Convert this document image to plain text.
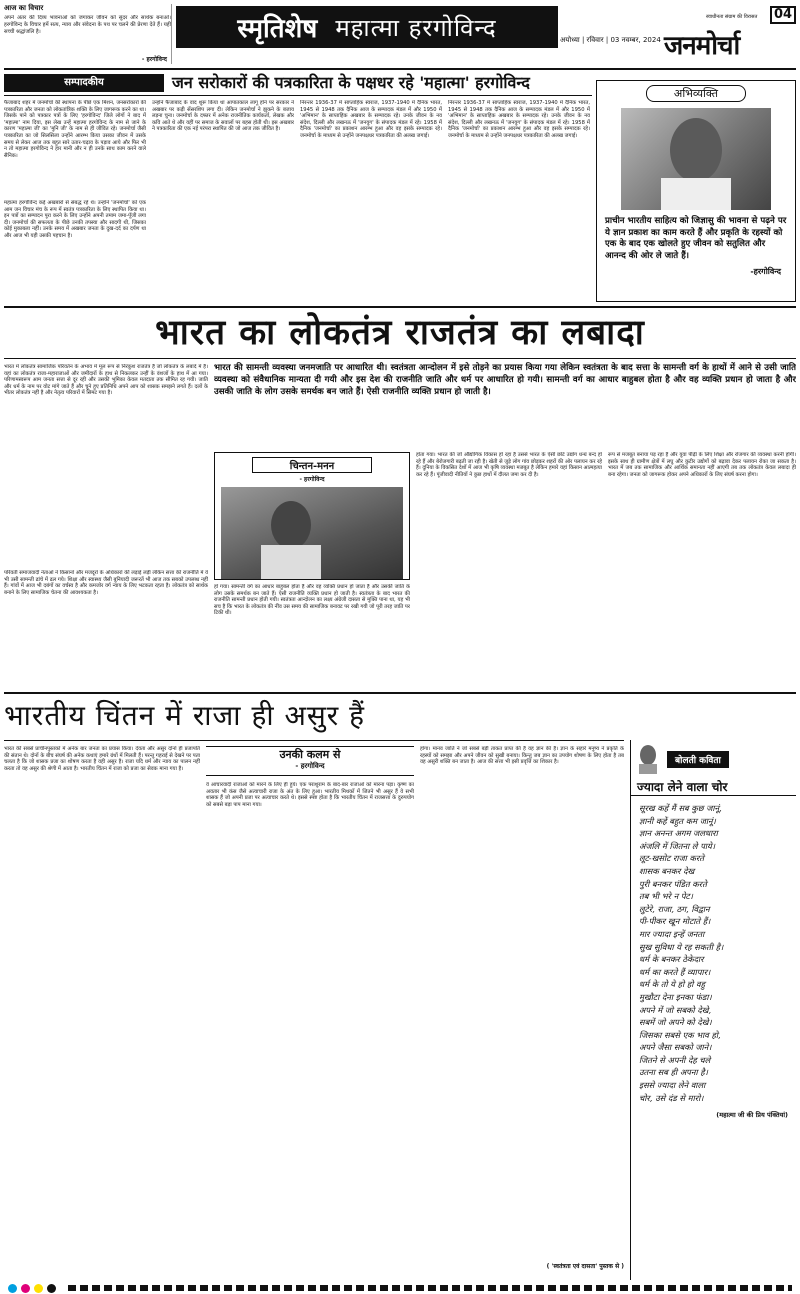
आज का विचार
अपने अंतर की दिव्य भावनाओं को जगाकर जीवन को सुंदर और सार्थक बनाओ। हरगोविन्द के विचार हमें सत्य, न्याय और संवेदना के पथ पर चलने की प्रेरणा देते हैं। यही सच्ची श्रद्धांजलि है।
- हरगोविन्द
स्मृतिशेष महात्मा हरगोविन्द	अयोध्या | रविवार | 03 नवम्बर, 2024 जनमोर्चा
स्वाधीनता संग्राम की विरासत	04
सम्पादकीय	जन सरोकारों की पत्रकारिता के पक्षधर रहे 'महात्मा' हरगोविन्द
फैजाबाद शहर में जनमोर्चा की स्थापना के पीछे एक मिशन, जनसरोकारों की पत्रकारिता और जनता को लोकतांत्रिक शक्ति के लिए जागरूक करने का था। जिसके पाने को पत्रकार पत्रों के लिए 'हरगोविन्द' जिले लोगों ने बाद में 'महात्मा' नाम दिया, इस लेख उन्हें महात्मा हरगोविन्द के नाम से जाने के कारण 'महात्मा जी' का 'मुनि जी' के नाम से ही जीवित रहे। जनमोर्चा जैसी पत्रकारिता का जो सिलसिला उन्होंने आरम्भ किया उसका जीवन में उसके समय से लेकर आज तक बहुत सारे उतार-चढ़ाव के पड़ाव आये और फिर भी न तो महात्मा हरगोविन्द ने हार मानी और न ही उनके साथ काम करने वाले सैनिक।
महात्मा हरगोविन्द कई अखबारों से संबद्ध रहे थे। उन्होंने 'जनमोर्चा' को एक आम जन विचार मंच के रूप में स्वतंत्र पत्रकारिता के लिए स्थापित किया था। इन पत्रों का सम्पादन पूरा करने के लिए उन्होंने अपनी तमाम जमा-पूँजी लगा दी। जनमोर्चा की सफलता के पीछे उनकी तपस्या और सादगी थी, जिसका कोई मुकाबला नहीं। उनके समय में अखबार जनता के दुख-दर्द का दर्पण था और आज भी यही उसकी पहचान है।
उन्होंने फैजाबाद के वाद शुरू किया था आपातकाल लागू होने पर सरकार ने अखबार पर कड़ी सेंसरशिप लगा दी। लेकिन जनमोर्चा ने झुकने के बजाय लड़ना चुना। जनमोर्चा के दफ्तर में अनेक राजनीतिक कार्यकर्ता, लेखक और कवि आते थे और यहीं पर समाज के सवालों पर बहस होती थी। इस अखबार ने पत्रकारिता की एक नई परंपरा स्थापित की जो आज तक जीवित है।
निरन्तर 1936-37 में साप्ताहिक स्वराज, 1937-1940 में दैनिक भारत, 1945 से 1948 तक दैनिक आज के सम्पादक मंडल में और 1950 में 'अभिमान' के साप्ताहिक अखबार के सम्पादक रहे। उनके जीवन के नव संदेश, दिल्ली और लखनऊ में 'जनयुग' के संपादक मंडल में रहे। 1958 में दैनिक 'जनमोर्चा' का प्रकाशन आरम्भ हुआ और वह इसके सम्पादक रहे। जनमोर्चा के माध्यम से उन्होंने जनपक्षधर पत्रकारिता की अलख जगाई।
निरन्तर 1936-37 में साप्ताहिक स्वराज, 1937-1940 में दैनिक भारत, 1945 से 1948 तक दैनिक आज के सम्पादक मंडल में और 1950 में 'अभिमान' के साप्ताहिक अखबार के सम्पादक रहे। उनके जीवन के नव संदेश, दिल्ली और लखनऊ में 'जनयुग' के संपादक मंडल में रहे। 1958 में दैनिक 'जनमोर्चा' का प्रकाशन आरम्भ हुआ और वह इसके सम्पादक रहे। जनमोर्चा के माध्यम से उन्होंने जनपक्षधर पत्रकारिता की अलख जगाई।
अभिव्यक्ति
प्राचीन भारतीय साहित्य को जिज्ञासु की भावना से पढ़ने पर ये ज्ञान प्रकाश का काम करते हैं और प्रकृति के रहस्यों को एक के बाद एक खोलते हुए जीवन को सतुलित और आनन्द की ओर ले जाते हैं।
-हरगोविन्द
भारत का लोकतंत्र राजतंत्र का लबादा
भारत की सामन्ती व्यवस्था जनमजाति पर आधारित थी। स्वतंत्रता आन्दोलन में इसे तोड़ने का प्रयास किया गया लेकिन स्वतंत्रता के बाद सत्ता के सामन्ती वर्ग के हाथों में आने से उसी जाति व्यवस्था को संवैधानिक मान्यता दी गयी और इस देश की राजनीति जाति और धर्म पर आधारित हो गयी। सामन्ती वर्ग का आधार बाहुबल होता है और वह व्यक्ति प्रधान हो जाता है और उसकी जाति के लोग उसके समर्थक बन जाते हैं। ऐसी राजनीति व्यक्ति प्रधान हो जाती है।
भारत में लोकतंत्र सामाजिक परिवर्तन के अभाव में मूल रूप से निरंकुश राजतंत्र है जो लोकतंत्र के लबादे में है। यहां का लोकतंत्र राजा-महाराजाओं और जमींदारों के हाथ से निकलकर उन्हीं के वंशजों के हाथ में आ गया। परिणामस्वरूप आम जनता सत्ता से दूर रही और उसकी भूमिका केवल मतदाता तक सीमित रह गयी। जाति और धर्म के नाम पर वोट मांगे जाते हैं और चुने हुए प्रतिनिधि अपने आप को शासक समझने लगते हैं। दलों के भीतर लोकतंत्र नहीं है और नेतृत्व परिवारों में सिमट गया है।
परिवर्ती समाजवादी नेताओं ने किसानों और मजदूरों के अधिकारों की लड़ाई लड़ी लेकिन सत्ता की राजनीति में वे भी उसी सामन्ती ढांचे में ढल गये। शिक्षा और स्वास्थ्य जैसी बुनियादी जरूरतें भी आज तक सबको उपलब्ध नहीं हैं। गांवों में आज भी दबंगों का वर्चस्व है और कमजोर वर्ग न्याय के लिए भटकता रहता है। लोकतंत्र को सार्थक बनाने के लिए सामाजिक चेतना की आवश्यकता है।
चिन्तन-मनन
- हरगोविन्द
हो गया। सामन्ती वर्ग का आधार बाहुबल होता है और वह व्यक्ति प्रधान हो जाता है और उसकी जाति के लोग उसके समर्थक बन जाते हैं। ऐसी राजनीति व्यक्ति प्रधान हो जाती है। स्वतंत्रता के बाद भारत की राजनीति सामन्ती प्रधान होती गयी। स्वतंत्रता आन्दोलन का लक्ष्य अंग्रेजी दासता से मुक्ति पाना था, यह भी सच है कि भारत के लोकतंत्र की नींव उस समय की सामाजिक बनावट पर रखी गयी जो पूरी तरह जाति पर टिकी थी।
होता गया। भारत की जो औद्योगिक विकास हो रहा है उससे भारत के ऐसी छोटे उद्योग धन्धे बन्द हो रहे हैं और बेरोजगारी बढ़ती जा रही है। खेती से जुड़े लोग गांव छोड़कर शहरों की ओर पलायन कर रहे हैं। दुनिया के विकसित देशों में आज भी कृषि व्यवस्था मजबूत है लेकिन हमारे यहां किसान आत्महत्या कर रहे हैं। पूंजीवादी नीतियों ने कुछ हाथों में दौलत जमा कर दी है।
रूप से मजबूत बनाया पड़ रहा है और युवा पीढ़ी के लिए शिक्षा और रोजगार की व्यवस्था करनी होगी। इसके साथ ही ग्रामीण क्षेत्रों में लघु और कुटीर उद्योगों को बढ़ावा देकर पलायन रोका जा सकता है। भारत में जब तक सामाजिक और आर्थिक समानता नहीं आएगी तब तक लोकतंत्र केवल लबादा ही बना रहेगा। जनता को जागरूक होकर अपने अधिकारों के लिए संघर्ष करना होगा।
भारतीय चिंतन में राजा ही असुर हैं
भारत की सबसे प्राचीनपुस्तकों में अनेक बार जनता का प्रयास किया। देवता और असुर दोनों ही प्रजापति की संतान थे। दोनों के बीच संघर्ष की अनेक कथाएं हमारे ग्रंथों में मिलती हैं। परन्तु गहराई से देखने पर पता चलता है कि जो शासक प्रजा का शोषण करता है वही असुर है। राजा यदि धर्म और न्याय का पालन नहीं करता तो वह असुर की श्रेणी में आता है। भारतीय चिंतन में राजा को प्रजा का सेवक माना गया है।
उनकी कलम से
- हरगोविन्द
वे आचारवादी राजाओं को मारने के लिए ही हुये। एक पराशुराम के बाद-बार राजाओं को मारना पड़ा। कृष्ण का अवतार भी कंस जैसे अत्याचारी राजा के अंत के लिए हुआ। भारतीय मिथकों में जितने भी असुर हैं वे सभी शासक हैं जो अपनी प्रजा पर अत्याचार करते थे। इससे स्पष्ट होता है कि भारतीय चिंतन में राजसत्ता के दुरुपयोग को सबसे बड़ा पाप माना गया।
होंगा। मानव जाति ने जो सबसे बड़ी ताकत प्राप्त की है वह ज्ञान की है। ज्ञान के सहारे मनुष्य ने प्रकृति के रहस्यों को समझा और अपने जीवन को सुखी बनाया। किन्तु जब ज्ञान का उपयोग शोषण के लिए होता है तब वह असुरी शक्ति बन जाता है। आज की सत्ता भी इसी प्रवृत्ति का शिकार है।
( 'स्वतंत्रता एवं दासता' पुस्तक से )
बोलती कविता
ज्यादा लेने वाला चोर
सूरख कहें मैं सब कुछ जानूं,
ज्ञानी कहें बहुत कम जानूं।
ज्ञान अनन्त अगम जलधारा
अंजलि में जितना ले पाये।
लूट-खसोट राजा करते
शासक बनकर देख
पुरी बनकर पंडित करते
तब भी भरे न पेट।
लुटेरे, राजा, ठग, विद्वान
पी-पीकर खून मोटाते हैं।
मार ज्यादा इन्हें जनता
सुख सुविधा ये रह सकती है।
धर्म के बनकर ठेकेदार
धर्म का करते हैं व्यापार।
धर्म के तो ये हो हो वहु
मुखौटा देना इनका फंडा।
अपने में जो सबको देखे,
सबमें जो अपने को देखे।
जिसका सबसे एक भाव हो,
अपने जैसा सबको जाने।
जितने से अपनी देह चले
उतना सब ही अपना है।
इससे ज्यादा लेने वाला
चोर, उसे दंड से मारो।
(महात्मा जी की प्रिय पंक्तियां)
